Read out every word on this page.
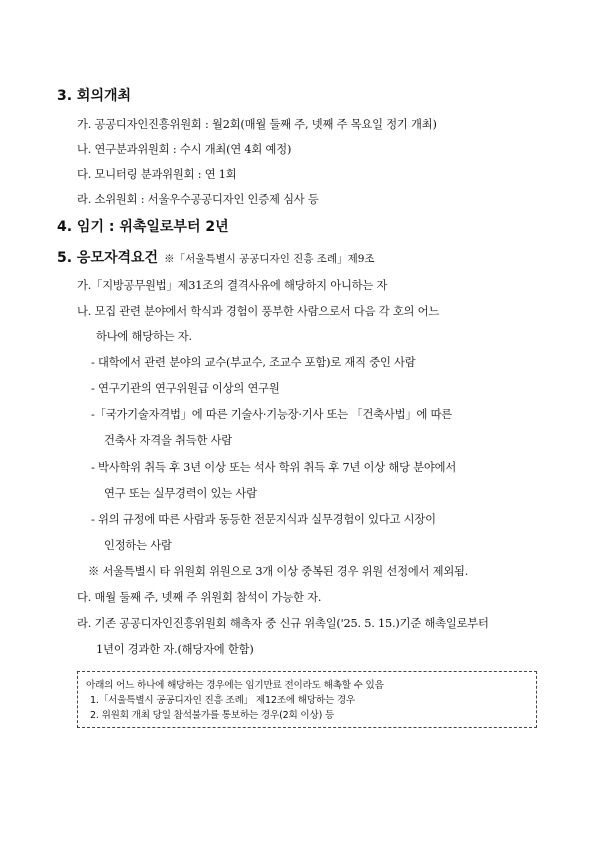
3. 회의개최
가. 공공디자인진흥위원회 : 월2회(매월 둘째 주, 넷째 주 목요일 정기 개최)
나. 연구분과위원회 : 수시 개최(연 4회 예정)
다. 모니터링 분과위원회 : 연 1회
라. 소위원회 : 서울우수공공디자인 인증제 심사 등
4. 임기 : 위촉일로부터 2년
5. 응모자격요건 ※「서울특별시 공공디자인 진흥 조례」제9조
가.「지방공무원법」제31조의 결격사유에 해당하지 아니하는 자
나. 모집 관련 분야에서 학식과 경험이 풍부한 사람으로서 다음 각 호의 어느
하나에 해당하는 자.
- 대학에서 관련 분야의 교수(부교수, 조교수 포함)로 재직 중인 사람
- 연구기관의 연구위원급 이상의 연구원
-「국가기술자격법」에 따른 기술사·기능장·기사 또는 「건축사법」에 따른
건축사 자격을 취득한 사람
- 박사학위 취득 후 3년 이상 또는 석사 학위 취득 후 7년 이상 해당 분야에서
연구 또는 실무경력이 있는 사람
- 위의 규정에 따른 사람과 동등한 전문지식과 실무경험이 있다고 시장이
인정하는 사람
※ 서울특별시 타 위원회 위원으로 3개 이상 중복된 경우 위원 선정에서 제외됨.
다. 매월 둘째 주, 넷째 주 위원회 참석이 가능한 자.
라. 기존 공공디자인진흥위원회 해촉자 중 신규 위촉일('25. 5. 15.)기준 해촉일로부터
1년이 경과한 자.(해당자에 한함)
아래의 어느 하나에 해당하는 경우에는 임기만료 전이라도 해촉할 수 있음
1.「서울특별시 공공디자인 진흥 조례」 제12조에 해당하는 경우
2. 위원회 개최 당일 참석불가를 통보하는 경우(2회 이상) 등
